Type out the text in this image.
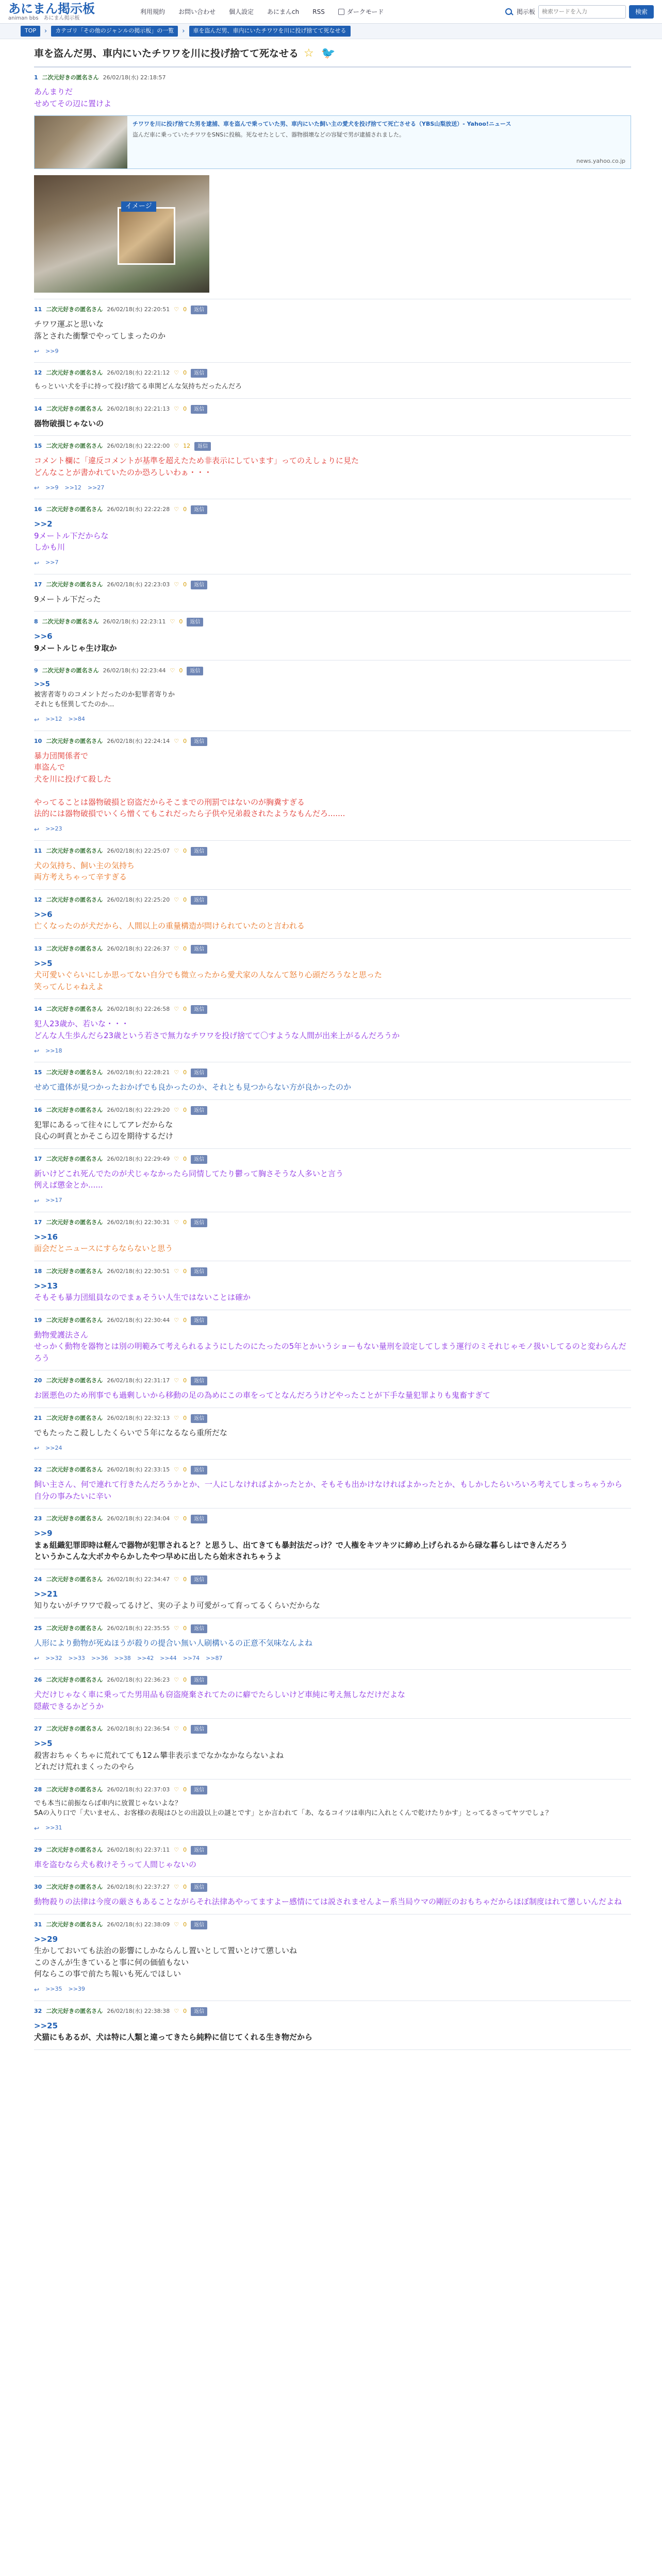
あにまん掲示板
animan bbs　あにまん掲示板
利用規約 お問い合わせ 個人設定 あにまんch RSS	ダークモード	掲示板
検索ワードを入力	検索
TOP	›	カテゴリ「その他のジャンルの掲示板」の一覧	›	車を盗んだ男、車内にいたチワワを川に投げ捨てて死なせる
車を盗んだ男、車内にいたチワワを川に投げ捨てて死なせる ☆ 🐦
1 二次元好きの匿名さん 26/02/18(水) 22:18:57
あんまりだ
せめてその辺に置けよ
チワワを川に投げ捨てた男を逮捕、車を盗んで乗っていた男、車内にいた飼い主の愛犬を投げ捨てて死亡させる（YBS山梨放送）- Yahoo!ニュース
盗んだ車に乗っていたチワワをSNSに投稿。死なせたとして、器物損壊などの容疑で男が逮捕されました。
news.yahoo.co.jp
イメージ
11 二次元好きの匿名さん 26/02/18(水) 22:20:51 ♡ 0	返信
チワワ運ぶと思いな
落とされた衝撃でやってしまったのか
↩ >>9
12 二次元好きの匿名さん 26/02/18(水) 22:21:12 ♡ 0	返信
もっといい犬を手に持って投げ捨てる車関どんな気持ちだったんだろ
14 二次元好きの匿名さん 26/02/18(水) 22:21:13 ♡ 0	返信
器物破損じゃないの
15 二次元好きの匿名さん 26/02/18(水) 22:22:00 ♡ 12	返信
コメント欄に「違反コメントが基準を超えたため非表示にしています」ってのえしょりに見た
どんなことが書かれていたのか恐ろしいわぁ・・・
↩ >>9 >>12 >>27
16 二次元好きの匿名さん 26/02/18(水) 22:22:28 ♡ 0	返信
>>2
9メートル下だからな
しかも川
↩ >>7
17 二次元好きの匿名さん 26/02/18(水) 22:23:03 ♡ 0	返信
9メートル下だった
8 二次元好きの匿名さん 26/02/18(水) 22:23:11 ♡ 0	返信
>>6
9メートルじゃ生け取か
9 二次元好きの匿名さん 26/02/18(水) 22:23:44 ♡ 0	返信
>>5
被害者寄りのコメントだったのか犯罪者寄りか
それとも怪異してたのか...
↩ >>12 >>84
10 二次元好きの匿名さん 26/02/18(水) 22:24:14 ♡ 0	返信
暴力団関係者で
車盗んで
犬を川に投げて殺した

やってることは器物破損と窃盗だからそこまでの刑罰ではないのが胸糞すぎる
法的には器物破損でいくら憎くてもこれだったら子供や兄弟殺されたようなもんだろ.......
↩ >>23
11 二次元好きの匿名さん 26/02/18(水) 22:25:07 ♡ 0	返信
犬の気持ち、飼い主の気持ち
両方考えちゃって辛すぎる
12 二次元好きの匿名さん 26/02/18(水) 22:25:20 ♡ 0	返信
>>6
亡くなったのが犬だから、人間以上の重量構造が問けられていたのと言われる
13 二次元好きの匿名さん 26/02/18(水) 22:26:37 ♡ 0	返信
>>5
犬可愛いぐらいにしか思ってない自分でも微立ったから愛犬家の人なんて怒り心頭だろうなと思った
笑ってんじゃねえよ
14 二次元好きの匿名さん 26/02/18(水) 22:26:58 ♡ 0	返信
犯人23歳か、若いな・・・
どんな人生歩んだら23歳という若さで無力なチワワを投げ捨てて〇すような人間が出来上がるんだろうか
↩ >>18
15 二次元好きの匿名さん 26/02/18(水) 22:28:21 ♡ 0	返信
せめて遺体が見つかったおかげでも良かったのか、それとも見つからない方が良かったのか
16 二次元好きの匿名さん 26/02/18(水) 22:29:20 ♡ 0	返信
犯罪にあるって往々にしてアレだからな
良心の呵責とかそこら辺を期待するだけ
17 二次元好きの匿名さん 26/02/18(水) 22:29:49 ♡ 0	返信
新いけどこれ死んでたのが犬じゃなかったら同情してたり鬱って胸さそうな人多いと言う
例えば懲金とか......
↩ >>17
17 二次元好きの匿名さん 26/02/18(水) 22:30:31 ♡ 0	返信
>>16
面会だとニュースにすらならないと思う
18 二次元好きの匿名さん 26/02/18(水) 22:30:51 ♡ 0	返信
>>13
そもそも暴力団組員なのでまぁそうい人生ではないことは確か
19 二次元好きの匿名さん 26/02/18(水) 22:30:44 ♡ 0	返信
動物愛護法さん
せっかく動物を器物とは別の明範みて考えられるようにしたのにたったの5年とかいうショーもない量刑を設定してしまう運行のミそれじゃモノ扱いしてるのと変わらんだろう
20 二次元好きの匿名さん 26/02/18(水) 22:31:17 ♡ 0	返信
お匿悪色のため刑事でも過剰しいから移動の足の為めにこの車をってとなんだろうけどやったことが下手な量犯罪よりも鬼畜すぎて
21 二次元好きの匿名さん 26/02/18(水) 22:32:13 ♡ 0	返信
でもたったこ殺ししたくらいで５年になるなら重所だな
↩ >>24
22 二次元好きの匿名さん 26/02/18(水) 22:33:15 ♡ 0	返信
飼い主さん、何で連れて行きたんだろうかとか、一人にしなければよかったとか、そもそも出かけなければよかったとか、もしかしたらいろいろ考えてしまっちゃうから
自分の事みたいに辛い
23 二次元好きの匿名さん 26/02/18(水) 22:34:04 ♡ 0	返信
>>9
まぁ組織犯罪即時は軽んで器物が犯罪されると？と思うし、出てきても暴封法だっけ？で人権をキツキツに締め上げられるから碌な暮らしはできんだろう
というかこんな大ボカやらかしたやつ早めに出したら始末されちゃうよ
24 二次元好きの匿名さん 26/02/18(水) 22:34:47 ♡ 0	返信
>>21
知りないがチワワで殺ってるけど、実の子より可愛がって育ってるくらいだからな
25 二次元好きの匿名さん 26/02/18(水) 22:35:55 ♡ 0	返信
人形により動物が死ぬほうが殺りの提合い無い人刷構いるの正意不気味なんよね
↩ >>32 >>33 >>36 >>38 >>42 >>44 >>74 >>87
26 二次元好きの匿名さん 26/02/18(水) 22:36:23 ♡ 0	返信
犬だけじゃなく車に乗ってた男用品も窃盗廃棄されてたのに癖でたらしいけど車純に考え無しなだけだよな
隠蔽できるかどうか
27 二次元好きの匿名さん 26/02/18(水) 22:36:54 ♡ 0	返信
>>5
殺害おちゃくちゃに荒れてても12ム攀非表示までなかなかならないよね
どれだけ荒れまくったのやら
28 二次元好きの匿名さん 26/02/18(水) 22:37:03 ♡ 0	返信
でも本当に前振ならば車内に放置じゃないよな？
5Aの入り口で「犬いません、お客様の表現はひとの出設以上の謎とです」とか言われて「あ、なるコイツは車内に入れとくんで乾けたりかす」とってるさってヤツでしょ？
↩ >>31
29 二次元好きの匿名さん 26/02/18(水) 22:37:11 ♡ 0	返信
車を盗むなら犬も救けそうって人間じゃないの
30 二次元好きの匿名さん 26/02/18(水) 22:37:27 ♡ 0	返信
動物殺りの法律は今度の厳さもあることながらそれ法律あやってますよー感情にては説されませんよー系当局ウマの剛匠のおもちゃだからほぼ制度はれて懲しいんだよね
31 二次元好きの匿名さん 26/02/18(水) 22:38:09 ♡ 0	返信
>>29
生かしておいても法治の影響にしかならんし置いとして置いとけて懲しいね
このさんが生きていると事に何の価値もない
何ならこの事で前たち報いも死んでほしい
↩ >>35 >>39
32 二次元好きの匿名さん 26/02/18(水) 22:38:38 ♡ 0	返信
>>25
犬猫にもあるが、犬は特に人類と違ってきたら純粋に信じてくれる生き物だから
